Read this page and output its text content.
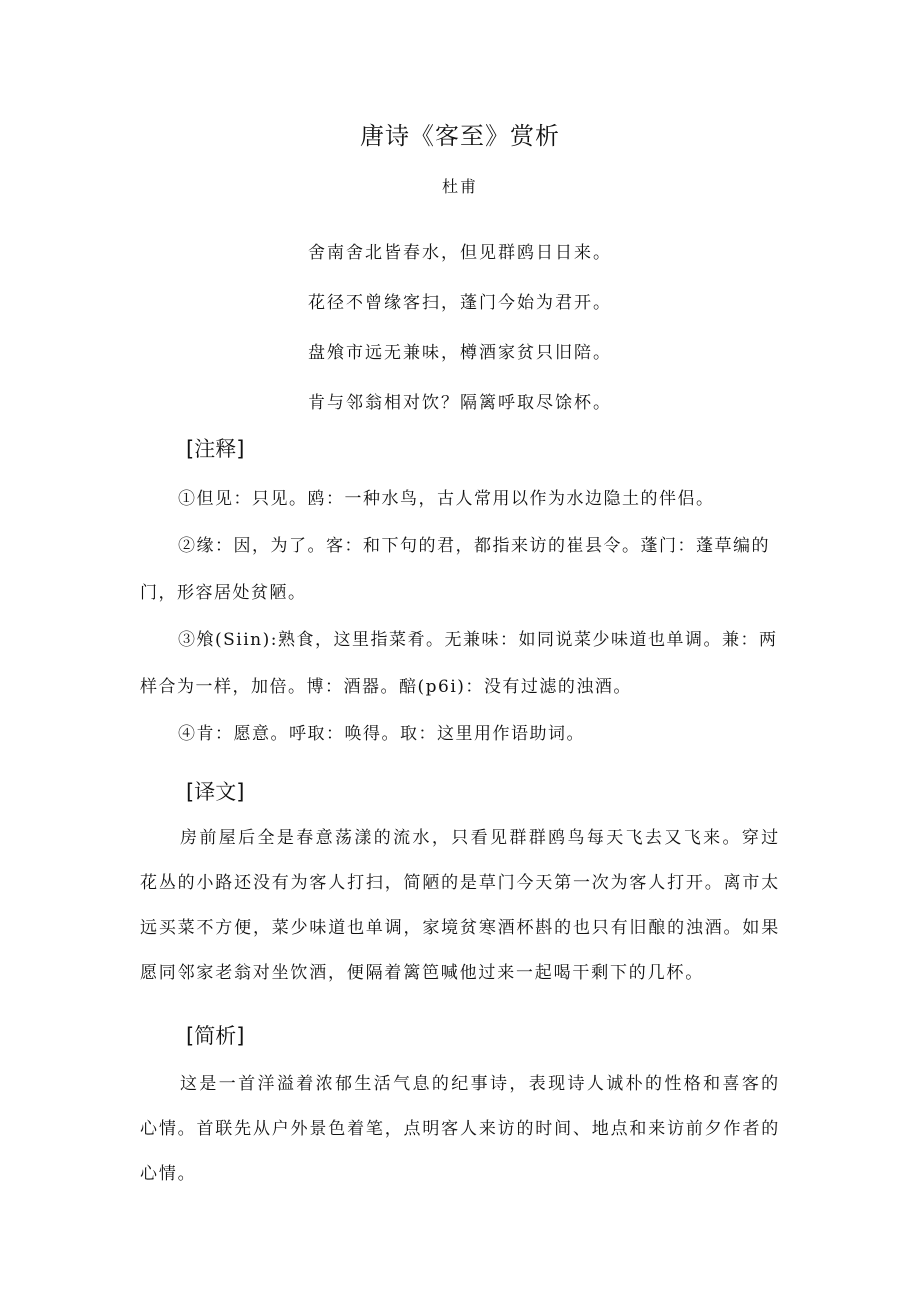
唐诗《客至》赏析
杜甫
舍南舍北皆春水，但见群鸥日日来。
花径不曾缘客扫，蓬门今始为君开。
盘飧市远无兼味，樽酒家贫只旧陪。
肯与邻翁相对饮？隔篱呼取尽馀杯。
[注释]

①但见：只见。鸥：一种水鸟，古人常用以作为水边隐土的伴侣。

②缘：因，为了。客：和下句的君，都指来访的崔县令。蓬门：蓬草编的门，形容居处贫陋。

③飧(Siin):熟食，这里指菜肴。无兼味：如同说菜少味道也单调。兼：两样合为一样，加倍。博：酒器。醅(p6i)：没有过滤的浊酒。

④肯：愿意。呼取：唤得。取：这里用作语助词。

[译文]

房前屋后全是春意荡漾的流水，只看见群群鸥鸟每天飞去又飞来。穿过花丛的小路还没有为客人打扫，简陋的是草门今天第一次为客人打开。离市太远买菜不方便，菜少味道也单调，家境贫寒酒杯斟的也只有旧酿的浊酒。如果愿同邻家老翁对坐饮酒，便隔着篱笆喊他过来一起喝干剩下的几杯。

[简析]

这是一首洋溢着浓郁生活气息的纪事诗，表现诗人诚朴的性格和喜客的心情。首联先从户外景色着笔，点明客人来访的时间、地点和来访前夕作者的心情。
